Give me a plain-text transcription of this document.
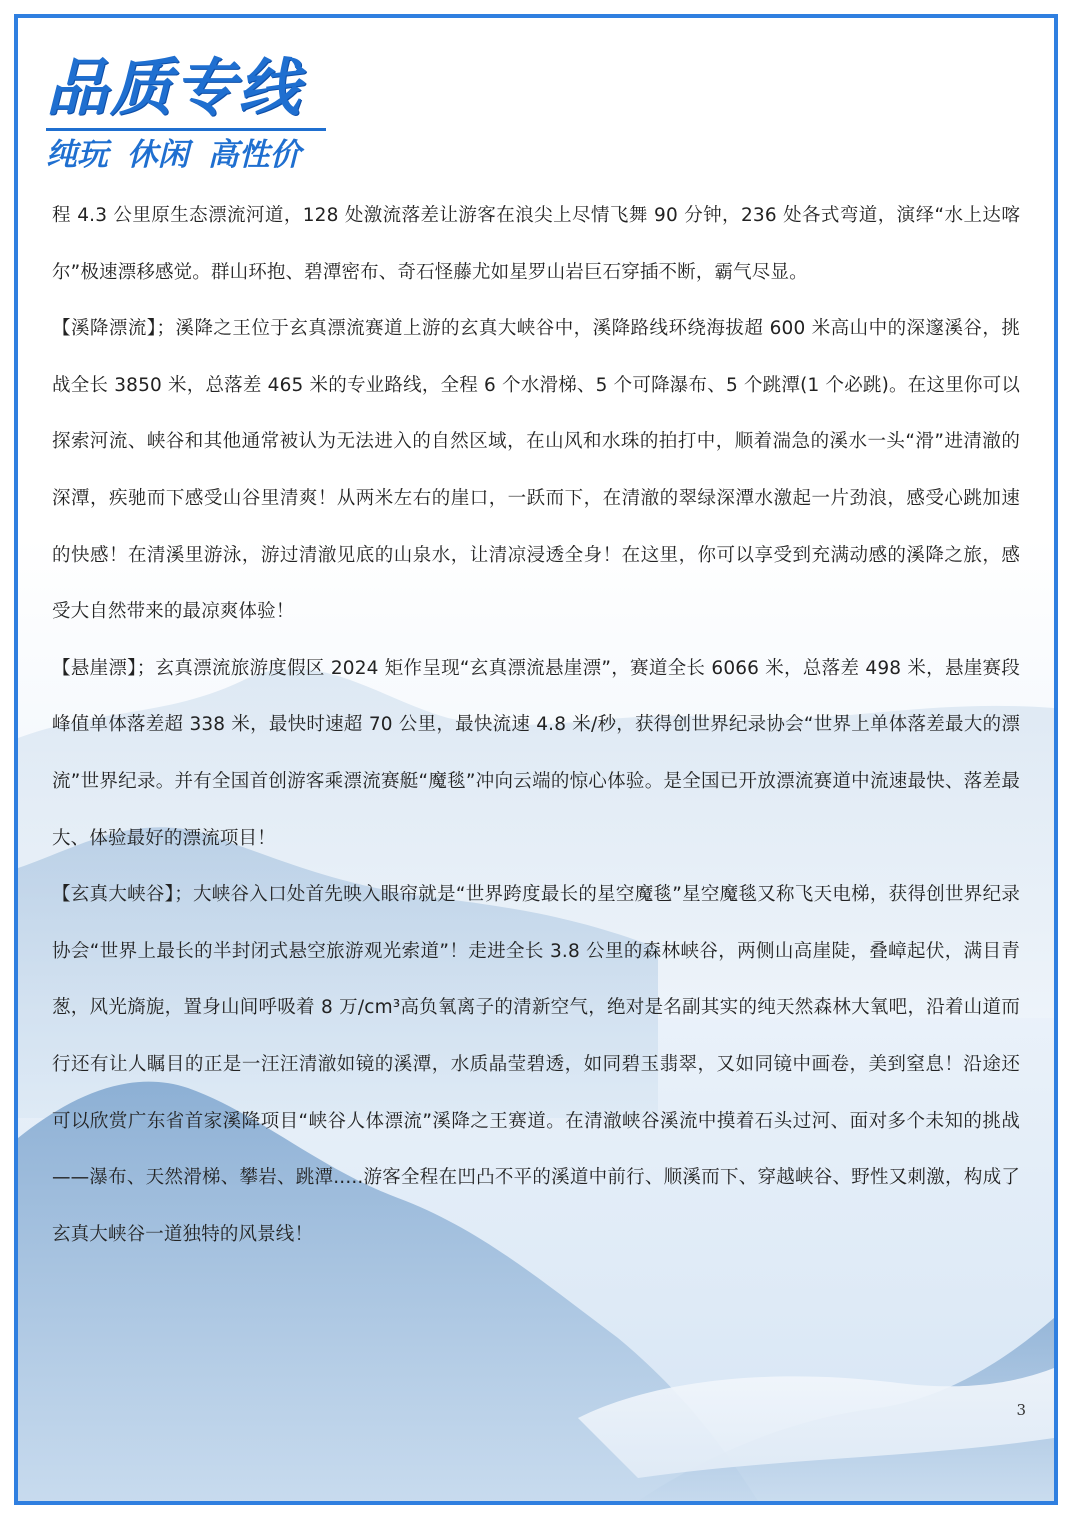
品质专线
纯玩 休闲 高性价

程 4.3 公里原生态漂流河道，128 处激流落差让游客在浪尖上尽情飞舞 90 分钟，236 处各式弯道，演绎“水上达喀尔”极速漂移感觉。群山环抱、碧潭密布、奇石怪藤尤如星罗山岩巨石穿插不断，霸气尽显。

【溪降漂流】；溪降之王位于玄真漂流赛道上游的玄真大峡谷中，溪降路线环绕海拔超 600 米高山中的深邃溪谷，挑战全长 3850 米，总落差 465 米的专业路线，全程 6 个水滑梯、5 个可降瀑布、5 个跳潭(1 个必跳)。在这里你可以探索河流、峡谷和其他通常被认为无法进入的自然区域，在山风和水珠的拍打中，顺着湍急的溪水一头“滑”进清澈的深潭，疾驰而下感受山谷里清爽！从两米左右的崖口，一跃而下，在清澈的翠绿深潭水激起一片劲浪，感受心跳加速的快感！在清溪里游泳，游过清澈见底的山泉水，让清凉浸透全身！在这里，你可以享受到充满动感的溪降之旅，感受大自然带来的最凉爽体验！

【悬崖漂】；玄真漂流旅游度假区 2024 矩作呈现“玄真漂流悬崖漂”，赛道全长 6066 米，总落差 498 米，悬崖赛段峰值单体落差超 338 米，最快时速超 70 公里，最快流速 4.8 米/秒，获得创世界纪录协会“世界上单体落差最大的漂流”世界纪录。并有全国首创游客乘漂流赛艇“魔毯”冲向云端的惊心体验。是全国已开放漂流赛道中流速最快、落差最大、体验最好的漂流项目！

【玄真大峡谷】；大峡谷入口处首先映入眼帘就是“世界跨度最长的星空魔毯”星空魔毯又称飞天电梯，获得创世界纪录协会“世界上最长的半封闭式悬空旅游观光索道”！走进全长 3.8 公里的森林峡谷，两侧山高崖陡，叠嶂起伏，满目青葱，风光旖旎，置身山间呼吸着 8 万/cm³高负氧离子的清新空气，绝对是名副其实的纯天然森林大氧吧，沿着山道而行还有让人瞩目的正是一汪汪清澈如镜的溪潭，水质晶莹碧透，如同碧玉翡翠，又如同镜中画卷，美到窒息！沿途还可以欣赏广东省首家溪降项目“峡谷人体漂流”溪降之王赛道。在清澈峡谷溪流中摸着石头过河、面对多个未知的挑战——瀑布、天然滑梯、攀岩、跳潭.....游客全程在凹凸不平的溪道中前行、顺溪而下、穿越峡谷、野性又刺激，构成了玄真大峡谷一道独特的风景线！

3
